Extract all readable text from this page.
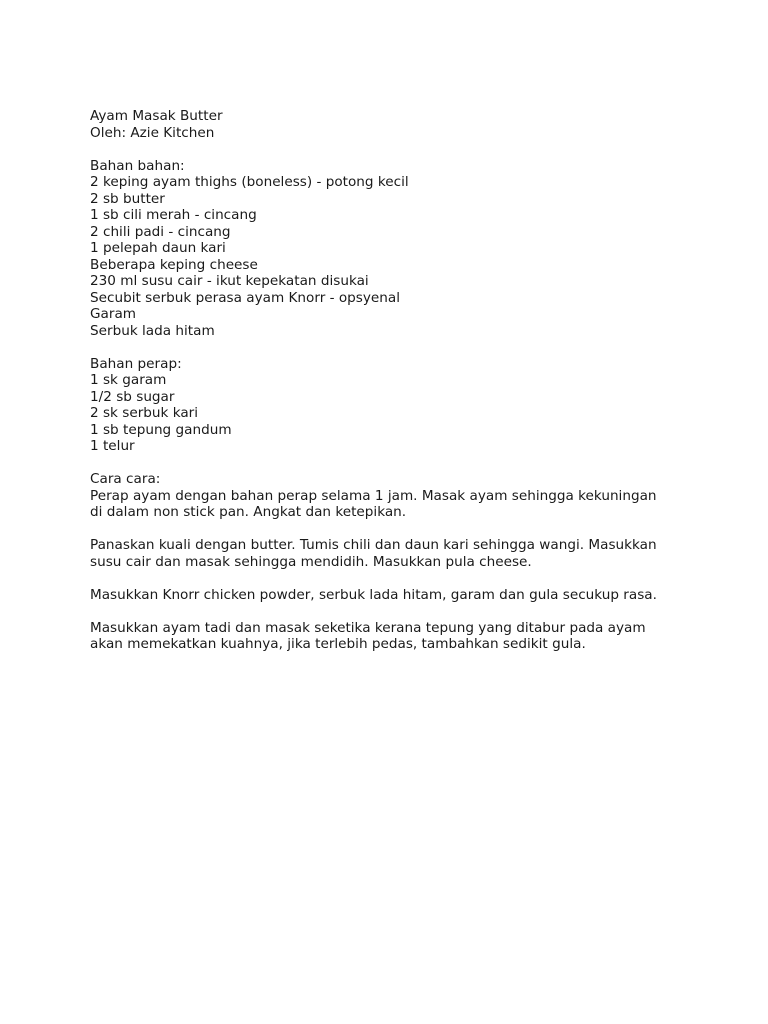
Ayam Masak Butter
Oleh: Azie Kitchen
Bahan bahan:
2 keping ayam thighs (boneless) - potong kecil
2 sb butter
1 sb cili merah - cincang
2 chili padi - cincang
1 pelepah daun kari
Beberapa keping cheese
230 ml susu cair - ikut kepekatan disukai
Secubit serbuk perasa ayam Knorr - opsyenal
Garam
Serbuk lada hitam
Bahan perap:
1 sk garam
1/2 sb sugar
2 sk serbuk kari
1 sb tepung gandum
1 telur
Cara cara:
Perap ayam dengan bahan perap selama 1 jam. Masak ayam sehingga kekuningan
di dalam non stick pan. Angkat dan ketepikan.
Panaskan kuali dengan butter. Tumis chili dan daun kari sehingga wangi. Masukkan
susu cair dan masak sehingga mendidih. Masukkan pula cheese.
Masukkan Knorr chicken powder, serbuk lada hitam, garam dan gula secukup rasa.
Masukkan ayam tadi dan masak seketika kerana tepung yang ditabur pada ayam
akan memekatkan kuahnya, jika terlebih pedas, tambahkan sedikit gula.
